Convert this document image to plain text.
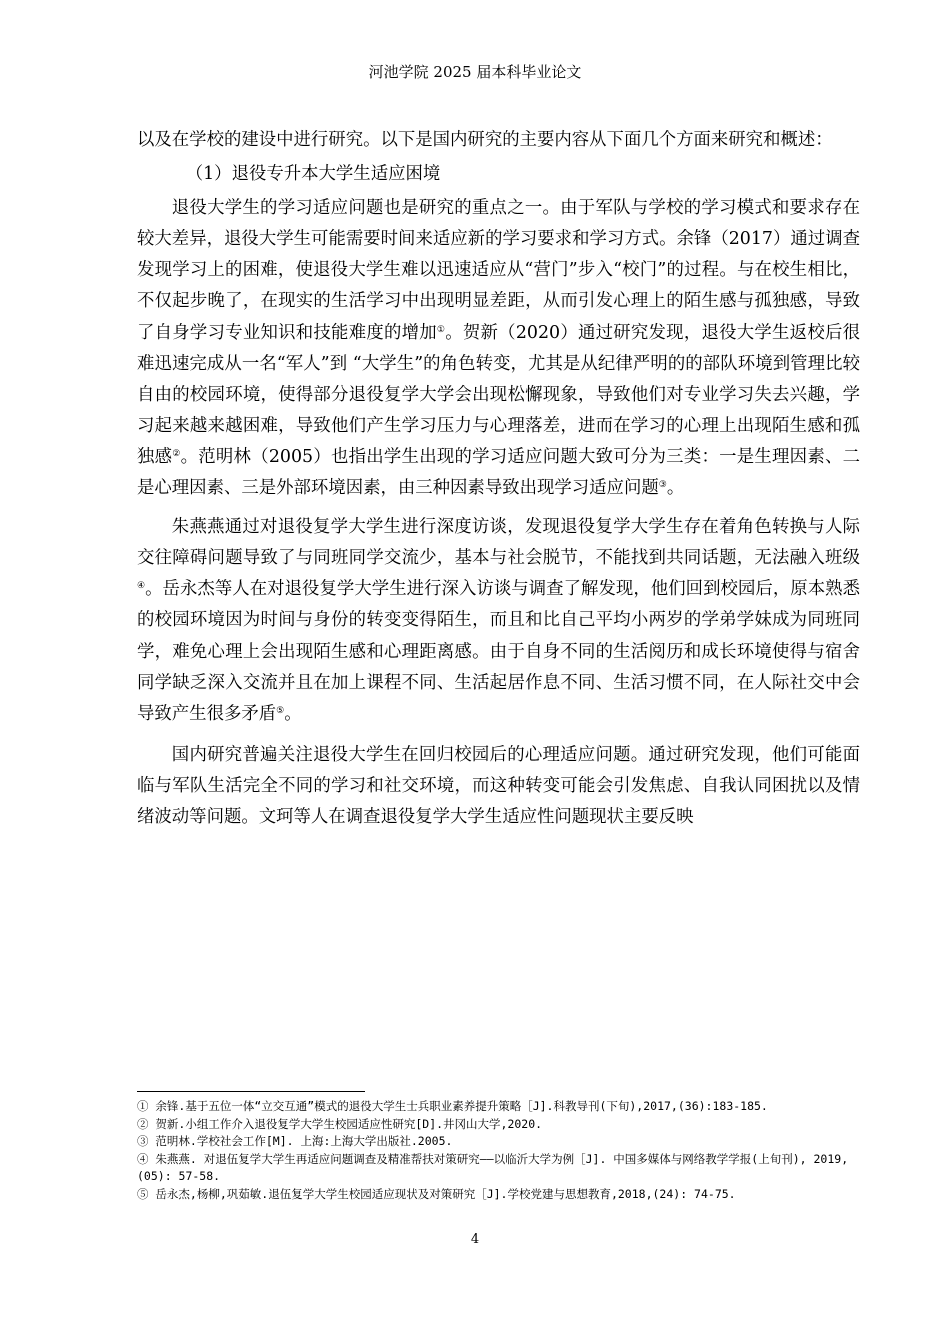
河池学院 2025 届本科毕业论文

以及在学校的建设中进行研究。以下是国内研究的主要内容从下面几个方面来研究和概述：

（1）退役专升本大学生适应困境

退役大学生的学习适应问题也是研究的重点之一。由于军队与学校的学习模式和要求存在较大差异，退役大学生可能需要时间来适应新的学习要求和学习方式。余锋（2017）通过调查发现学习上的困难，使退役大学生难以迅速适应从“营门”步入“校门”的过程。与在校生相比，不仅起步晚了，在现实的生活学习中出现明显差距，从而引发心理上的陌生感与孤独感，导致了自身学习专业知识和技能难度的增加①。贺新（2020）通过研究发现，退役大学生返校后很难迅速完成从一名“军人”到 “大学生”的角色转变，尤其是从纪律严明的的部队环境到管理比较自由的校园环境，使得部分退役复学大学会出现松懈现象，导致他们对专业学习失去兴趣，学习起来越来越困难，导致他们产生学习压力与心理落差，进而在学习的心理上出现陌生感和孤独感②。范明林（2005）也指出学生出现的学习适应问题大致可分为三类：一是生理因素、二是心理因素、三是外部环境因素，由三种因素导致出现学习适应问题③。

朱燕燕通过对退役复学大学生进行深度访谈，发现退役复学大学生存在着角色转换与人际交往障碍问题导致了与同班同学交流少，基本与社会脱节，不能找到共同话题，无法融入班级④。岳永杰等人在对退役复学大学生进行深入访谈与调查了解发现，他们回到校园后，原本熟悉的校园环境因为时间与身份的转变变得陌生，而且和比自己平均小两岁的学弟学妹成为同班同学，难免心理上会出现陌生感和心理距离感。由于自身不同的生活阅历和成长环境使得与宿舍同学缺乏深入交流并且在加上课程不同、生活起居作息不同、生活习惯不同，在人际社交中会导致产生很多矛盾⑤。

国内研究普遍关注退役大学生在回归校园后的心理适应问题。通过研究发现，他们可能面临与军队生活完全不同的学习和社交环境，而这种转变可能会引发焦虑、自我认同困扰以及情绪波动等问题。文珂等人在调查退役复学大学生适应性问题现状主要反映

① 余锋.基于五位一体“立交互通”模式的退役大学生士兵职业素养提升策略［J].科教导刊(下旬),2017,(36):183-185.

② 贺新.小组工作介入退役复学大学生校园适应性研究[D].井冈山大学,2020.

③ 范明林.学校社会工作[M]. 上海:上海大学出版社.2005.

④ 朱燕燕. 对退伍复学大学生再适应问题调查及精准帮扶对策研究——以临沂大学为例［J]. 中国多媒体与网络教学学报(上旬刊), 2019, (05): 57-58.

⑤ 岳永杰,杨柳,巩茹敏.退伍复学大学生校园适应现状及对策研究［J].学校党建与思想教育,2018,(24): 74-75.

4
